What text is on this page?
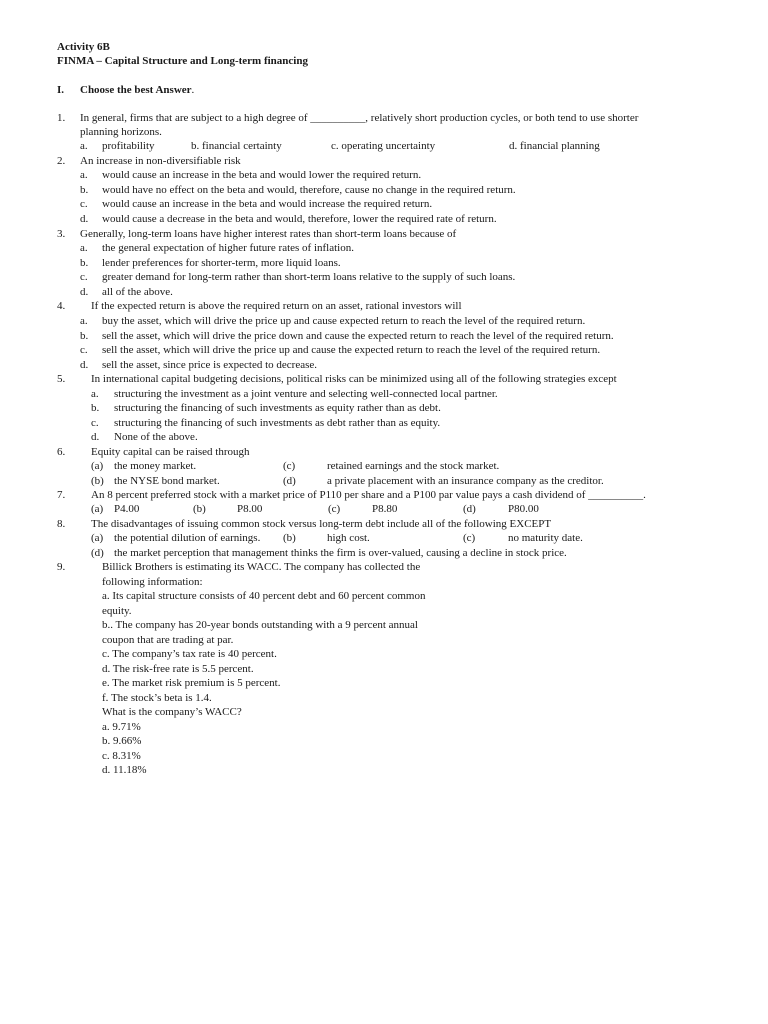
Activity 6B
FINMA – Capital Structure and Long-term financing
I. Choose the best Answer.
1. In general, firms that are subject to a high degree of __________, relatively short production cycles, or both tend to use shorter
planning horizons.
a. profitability	b. financial certainty	c. operating uncertainty	d. financial planning
2. An increase in non-diversifiable risk
a. would cause an increase in the beta and would lower the required return.
b. would have no effect on the beta and would, therefore, cause no change in the required return.
c. would cause an increase in the beta and would increase the required return.
d. would cause a decrease in the beta and would, therefore, lower the required rate of return.
3. Generally, long-term loans have higher interest rates than short-term loans because of
a. the general expectation of higher future rates of inflation.
b. lender preferences for shorter-term, more liquid loans.
c. greater demand for long-term rather than short-term loans relative to the supply of such loans.
d. all of the above.
4. If the expected return is above the required return on an asset, rational investors will
a. buy the asset, which will drive the price up and cause expected return to reach the level of the required return.
b. sell the asset, which will drive the price down and cause the expected return to reach the level of the required return.
c. sell the asset, which will drive the price up and cause the expected return to reach the level of the required return.
d. sell the asset, since price is expected to decrease.
5. In international capital budgeting decisions, political risks can be minimized using all of the following strategies except
a. structuring the investment as a joint venture and selecting well-connected local partner.
b. structuring the financing of such investments as equity rather than as debt.
c. structuring the financing of such investments as debt rather than as equity.
d. None of the above.
6. Equity capital can be raised through
(a) the money market.	(c)	retained earnings and the stock market.
(b) the NYSE bond market.	(d)	a private placement with an insurance company as the creditor.
7. An 8 percent preferred stock with a market price of P110 per share and a P100 par value pays a cash dividend of __________.
(a) P4.00	(b)	P8.00	(c)	P8.80	(d)	P80.00
8. The disadvantages of issuing common stock versus long-term debt include all of the following EXCEPT
(a) the potential dilution of earnings. (b)	high cost.	(c)	no maturity date.
(d) the market perception that management thinks the firm is over-valued, causing a decline in stock price.
9.	Billick Brothers is estimating its WACC. The company has collected the
following information:
a. Its capital structure consists of 40 percent debt and 60 percent common
equity.
b.. The company has 20-year bonds outstanding with a 9 percent annual
coupon that are trading at par.
c. The company’s tax rate is 40 percent.
d. The risk-free rate is 5.5 percent.
e. The market risk premium is 5 percent.
f. The stock’s beta is 1.4.
What is the company’s WACC?
a. 9.71%
b. 9.66%
c. 8.31%
d. 11.18%
